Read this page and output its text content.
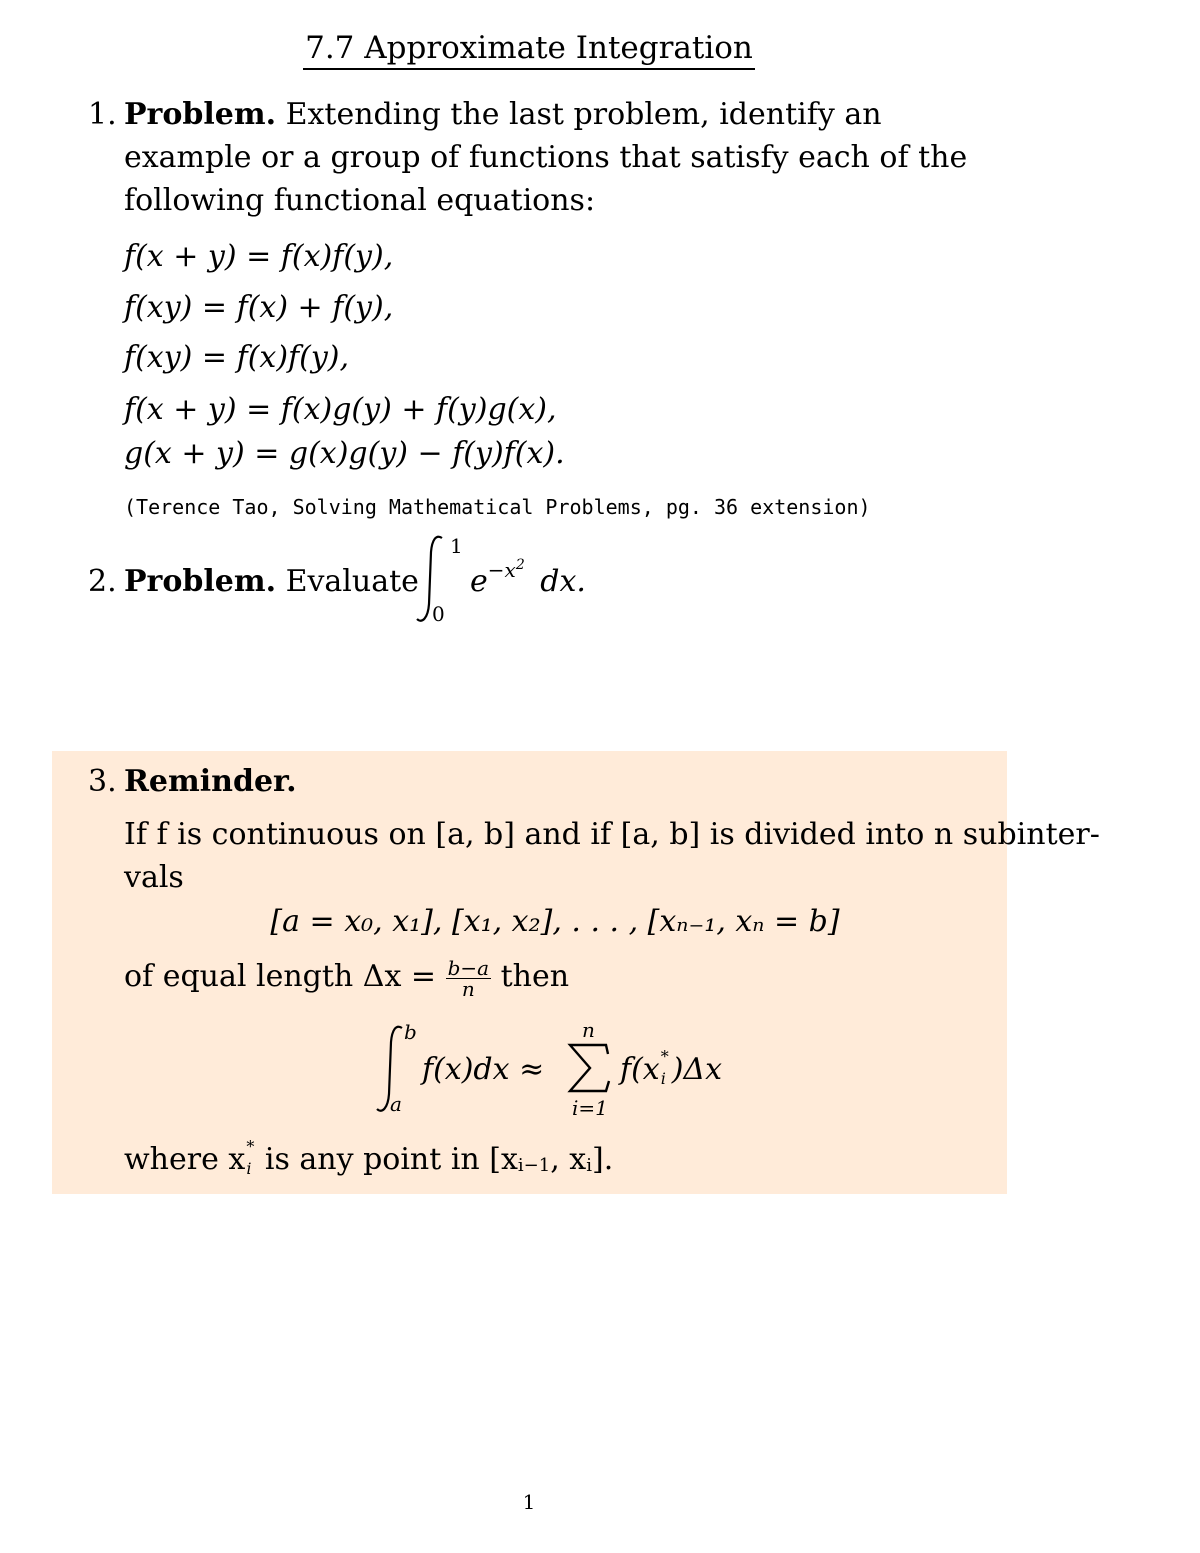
7.7 Approximate Integration
1. Problem. Extending the last problem, identify an example or a group of functions that satisfy each of the following functional equations:
f(x + y) = f(x)f(y),
f(xy) = f(x) + f(y),
f(xy) = f(x)f(y),
f(x + y) = f(x)g(y) + f(y)g(x),
g(x + y) = g(x)g(y) − f(y)f(x).
(Terence Tao, Solving Mathematical Problems, pg. 36 extension)
2. Problem. Evaluate
1
0
$e^{-x^2}$ dx.
3. Reminder.
If f is continuous on [a, b] and if [a, b] is divided into n subinter-
vals
[a = x₀, x₁], [x₁, x₂], . . . , [xₙ₋₁, xₙ = b]
of equal length $\Delta x = \frac{b-a}{n}$ then
b
a
f(x)dx ≈
n
i=1
f(x *
i )Δx
where x *
i is any point in [$x_{i-1}$, $x_i$].
1
